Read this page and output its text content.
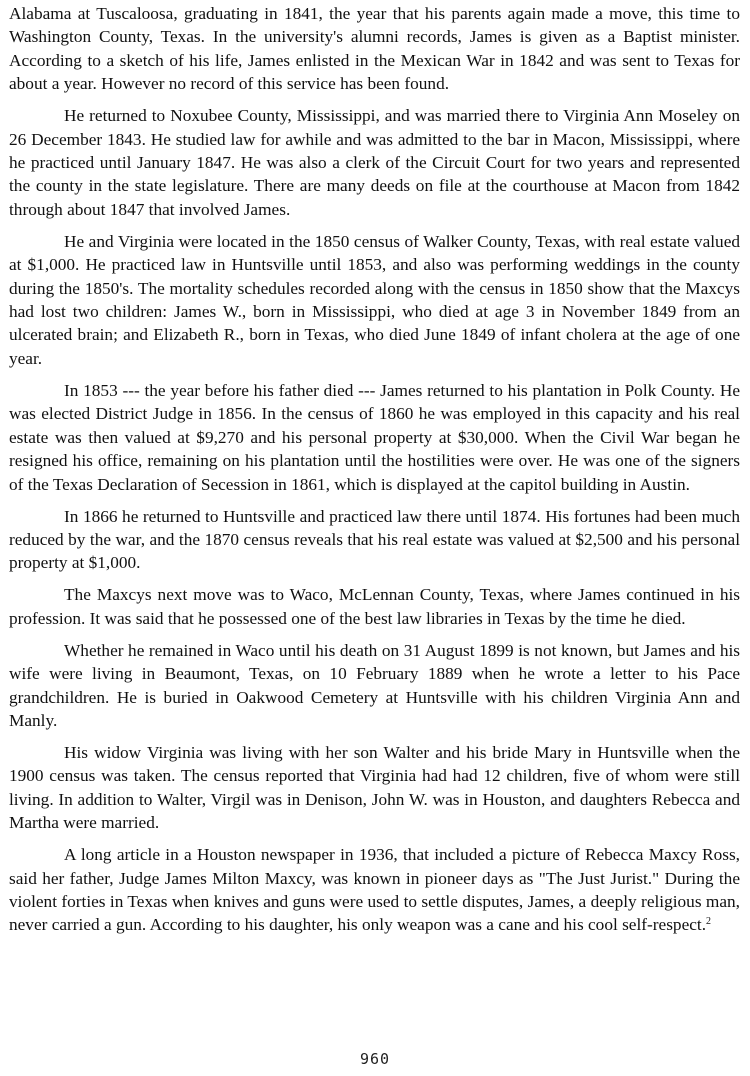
Alabama at Tuscaloosa, graduating in 1841, the year that his parents again made a move, this time to Washington County, Texas. In the university's alumni records, James is given as a Baptist minister. According to a sketch of his life, James enlisted in the Mexican War in 1842 and was sent to Texas for about a year. However no record of this service has been found.

He returned to Noxubee County, Mississippi, and was married there to Virginia Ann Moseley on 26 December 1843. He studied law for awhile and was admitted to the bar in Macon, Mississippi, where he practiced until January 1847. He was also a clerk of the Circuit Court for two years and represented the county in the state legislature. There are many deeds on file at the courthouse at Macon from 1842 through about 1847 that involved James.

He and Virginia were located in the 1850 census of Walker County, Texas, with real estate valued at $1,000. He practiced law in Huntsville until 1853, and also was performing weddings in the county during the 1850's. The mortality schedules recorded along with the census in 1850 show that the Maxcys had lost two children: James W., born in Mississippi, who died at age 3 in November 1849 from an ulcerated brain; and Elizabeth R., born in Texas, who died June 1849 of infant cholera at the age of one year.

In 1853 --- the year before his father died --- James returned to his plantation in Polk County. He was elected District Judge in 1856. In the census of 1860 he was employed in this capacity and his real estate was then valued at $9,270 and his personal property at $30,000. When the Civil War began he resigned his office, remaining on his plantation until the hostilities were over. He was one of the signers of the Texas Declaration of Secession in 1861, which is displayed at the capitol building in Austin.

In 1866 he returned to Huntsville and practiced law there until 1874. His fortunes had been much reduced by the war, and the 1870 census reveals that his real estate was valued at $2,500 and his personal property at $1,000.

The Maxcys next move was to Waco, McLennan County, Texas, where James continued in his profession. It was said that he possessed one of the best law libraries in Texas by the time he died.

Whether he remained in Waco until his death on 31 August 1899 is not known, but James and his wife were living in Beaumont, Texas, on 10 February 1889 when he wrote a letter to his Pace grandchildren. He is buried in Oakwood Cemetery at Huntsville with his children Virginia Ann and Manly.

His widow Virginia was living with her son Walter and his bride Mary in Huntsville when the 1900 census was taken. The census reported that Virginia had had 12 children, five of whom were still living. In addition to Walter, Virgil was in Denison, John W. was in Houston, and daughters Rebecca and Martha were married.

A long article in a Houston newspaper in 1936, that included a picture of Rebecca Maxcy Ross, said her father, Judge James Milton Maxcy, was known in pioneer days as "The Just Jurist." During the violent forties in Texas when knives and guns were used to settle disputes, James, a deeply religious man, never carried a gun. According to his daughter, his only weapon was a cane and his cool self-respect.$^2$

960
